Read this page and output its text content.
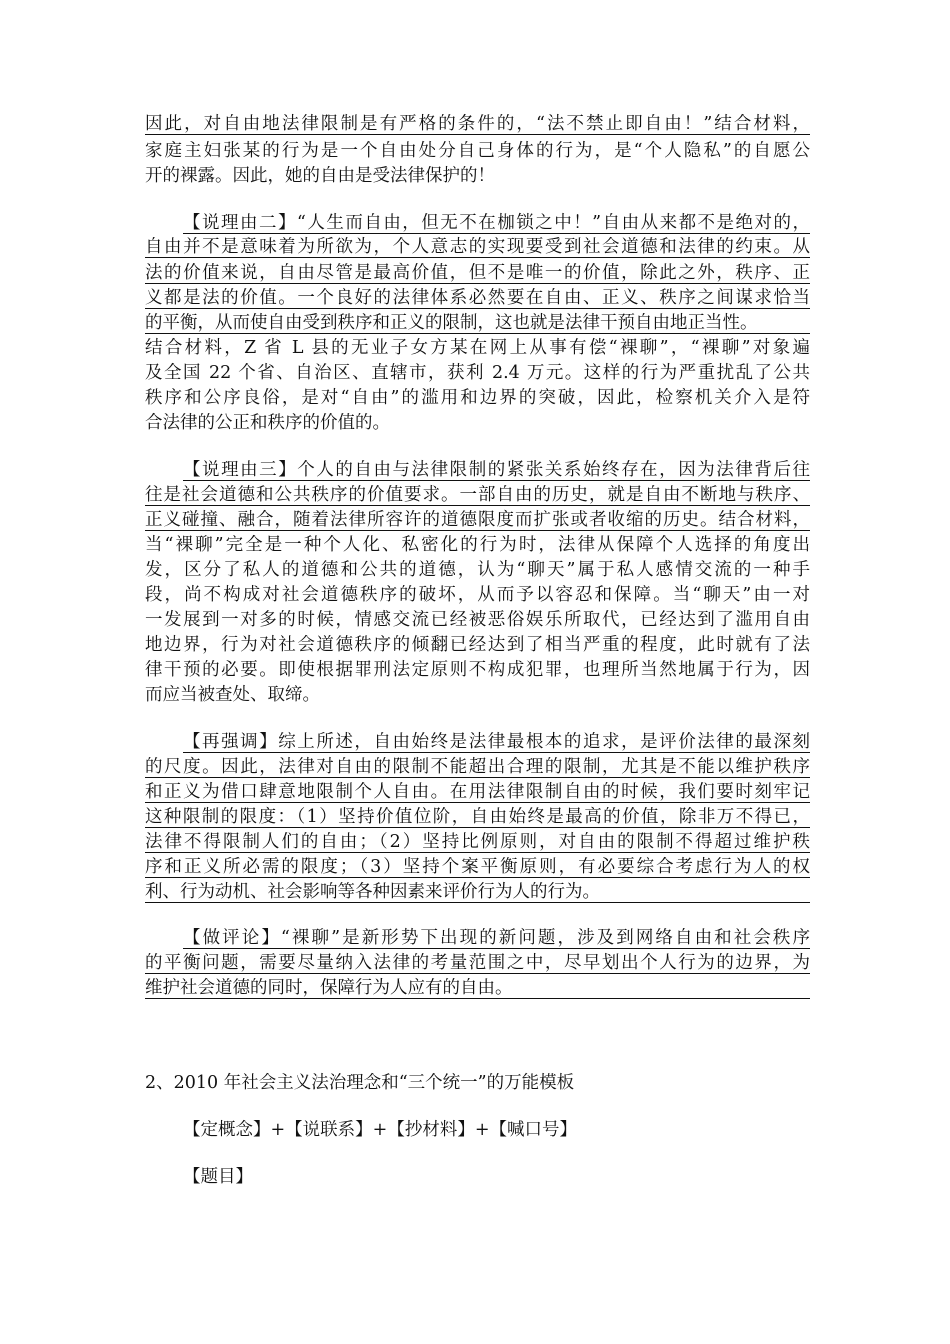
因此，对自由地法律限制是有严格的条件的，“法不禁止即自由！”结合材料，
家庭主妇张某的行为是一个自由处分自己身体的行为，是“个人隐私”的自愿公
开的裸露。因此，她的自由是受法律保护的！
【说理由二】“人生而自由，但无不在枷锁之中！”自由从来都不是绝对的，
自由并不是意味着为所欲为，个人意志的实现要受到社会道德和法律的约束。从
法的价值来说，自由尽管是最高价值，但不是唯一的价值，除此之外，秩序、正
义都是法的价值。一个良好的法律体系必然要在自由、正义、秩序之间谋求恰当
的平衡，从而使自由受到秩序和正义的限制，这也就是法律干预自由地正当性。
结合材料，Z 省 L 县的无业子女方某在网上从事有偿“裸聊”，“裸聊”对象遍
及全国 22 个省、自治区、直辖市，获利 2.4 万元。这样的行为严重扰乱了公共
秩序和公序良俗，是对“自由”的滥用和边界的突破，因此，检察机关介入是符
合法律的公正和秩序的价值的。
【说理由三】个人的自由与法律限制的紧张关系始终存在，因为法律背后往
往是社会道德和公共秩序的价值要求。一部自由的历史，就是自由不断地与秩序、
正义碰撞、融合，随着法律所容许的道德限度而扩张或者收缩的历史。结合材料，
当“裸聊”完全是一种个人化、私密化的行为时，法律从保障个人选择的角度出
发，区分了私人的道德和公共的道德，认为“聊天”属于私人感情交流的一种手
段，尚不构成对社会道德秩序的破坏，从而予以容忍和保障。当“聊天”由一对
一发展到一对多的时候，情感交流已经被恶俗娱乐所取代，已经达到了滥用自由
地边界，行为对社会道德秩序的倾翻已经达到了相当严重的程度，此时就有了法
律干预的必要。即使根据罪刑法定原则不构成犯罪，也理所当然地属于行为，因
而应当被查处、取缔。
【再强调】综上所述，自由始终是法律最根本的追求，是评价法律的最深刻
的尺度。因此，法律对自由的限制不能超出合理的限制，尤其是不能以维护秩序
和正义为借口肆意地限制个人自由。在用法律限制自由的时候，我们要时刻牢记
这种限制的限度：（1）坚持价值位阶，自由始终是最高的价值，除非万不得已，
法律不得限制人们的自由；（2）坚持比例原则，对自由的限制不得超过维护秩
序和正义所必需的限度；（3）坚持个案平衡原则，有必要综合考虑行为人的权
利、行为动机、社会影响等各种因素来评价行为人的行为。
【做评论】“裸聊”是新形势下出现的新问题，涉及到网络自由和社会秩序
的平衡问题，需要尽量纳入法律的考量范围之中，尽早划出个人行为的边界，为
维护社会道德的同时，保障行为人应有的自由。
2、2010 年社会主义法治理念和“三个统一”的万能模板
【定概念】+【说联系】+【抄材料】+【喊口号】
【题目】
